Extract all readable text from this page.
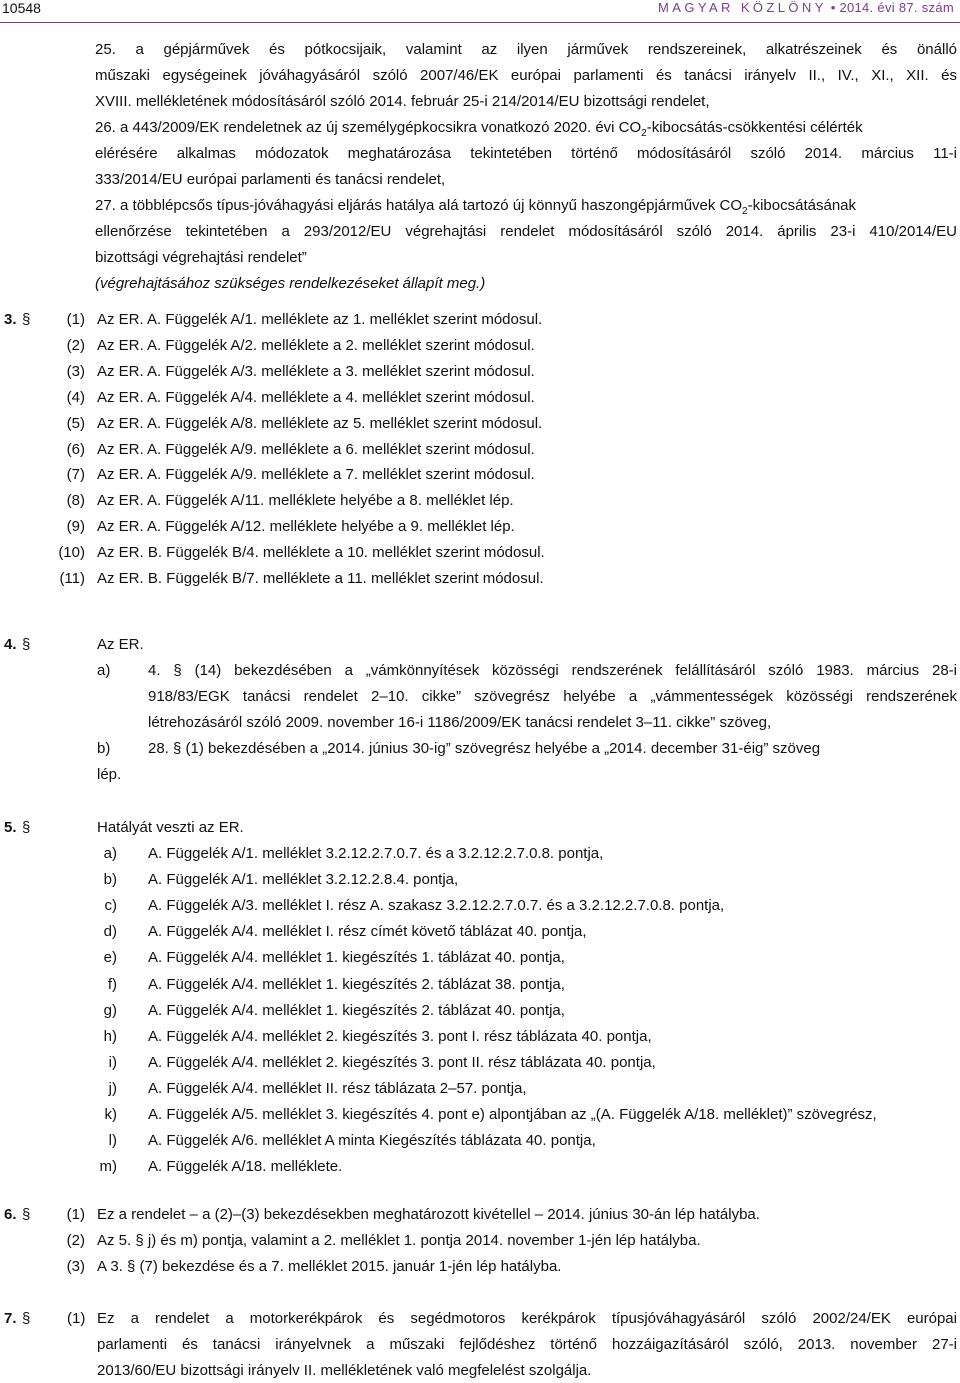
10548	MAGYAR KÖZLÖNY • 2014. évi 87. szám
25. a gépjárművek és pótkocsijaik, valamint az ilyen járművek rendszereinek, alkatrészeinek és önálló
műszaki egységeinek jóváhagyásáról szóló 2007/46/EK európai parlamenti és tanácsi irányelv II., IV., XI., XII. és
XVIII. mellékletének módosításáról szóló 2014. február 25-i 214/2014/EU bizottsági rendelet,
26. a 443/2009/EK rendeletnek az új személygépkocsikra vonatkozó 2020. évi $CO_2-kibocsátás$-csökkentési célérték
elérésére alkalmas módozatok meghatározása tekintetében történő módosításáról szóló 2014. március 11-i
333/2014/EU európai parlamenti és tanácsi rendelet,
27. a többlépcsős típus-jóváhagyási eljárás hatálya alá tartozó új könnyű haszongépjárművek $CO_2$-kibocsátásának
ellenőrzése tekintetében a 293/2012/EU végrehajtási rendelet módosításáról szóló 2014. április 23-i 410/2014/EU
bizottsági végrehajtási rendelet”
(végrehajtásához szükséges rendelkezéseket állapít meg.)
3. § (1) Az ER. A. Függelék A/1. melléklete az 1. melléklet szerint módosul.
(2) Az ER. A. Függelék A/2. melléklete a 2. melléklet szerint módosul.
(3) Az ER. A. Függelék A/3. melléklete a 3. melléklet szerint módosul.
(4) Az ER. A. Függelék A/4. melléklete a 4. melléklet szerint módosul.
(5) Az ER. A. Függelék A/8. melléklete az 5. melléklet szerint módosul.
(6) Az ER. A. Függelék A/9. melléklete a 6. melléklet szerint módosul.
(7) Az ER. A. Függelék A/9. melléklete a 7. melléklet szerint módosul.
(8) Az ER. A. Függelék A/11. melléklete helyébe a 8. melléklet lép.
(9) Az ER. A. Függelék A/12. melléklete helyébe a 9. melléklet lép.
(10) Az ER. B. Függelék B/4. melléklete a 10. melléklet szerint módosul.
(11) Az ER. B. Függelék B/7. melléklete a 11. melléklet szerint módosul.
4. §	Az ER.
a)	4. § (14) bekezdésében a „vámkönnyítések közösségi rendszerének felállításáról szóló 1983. március 28-i
918/83/EGK tanácsi rendelet 2–10. cikke” szövegrész helyébe a „vámmentességek közösségi rendszerének
létrehozásáról szóló 2009. november 16-i 1186/2009/EK tanácsi rendelet 3–11. cikke” szöveg,
b)	28. § (1) bekezdésében a „2014. június 30-ig” szövegrész helyébe a „2014. december 31-éig” szöveg
lép.
5. §	Hatályát veszti az ER.
a) A. Függelék A/1. melléklet 3.2.12.2.7.0.7. és a 3.2.12.2.7.0.8. pontja,
b) A. Függelék A/1. melléklet 3.2.12.2.8.4. pontja,
c) A. Függelék A/3. melléklet I. rész A. szakasz 3.2.12.2.7.0.7. és a 3.2.12.2.7.0.8. pontja,
d) A. Függelék A/4. melléklet I. rész címét követő táblázat 40. pontja,
e) A. Függelék A/4. melléklet 1. kiegészítés 1. táblázat 40. pontja,
f) A. Függelék A/4. melléklet 1. kiegészítés 2. táblázat 38. pontja,
g) A. Függelék A/4. melléklet 1. kiegészítés 2. táblázat 40. pontja,
h) A. Függelék A/4. melléklet 2. kiegészítés 3. pont I. rész táblázata 40. pontja,
i) A. Függelék A/4. melléklet 2. kiegészítés 3. pont II. rész táblázata 40. pontja,
j) A. Függelék A/4. melléklet II. rész táblázata 2–57. pontja,
k) A. Függelék A/5. melléklet 3. kiegészítés 4. pont e) alpontjában az „(A. Függelék A/18. melléklet)” szövegrész,
l) A. Függelék A/6. melléklet A minta Kiegészítés táblázata 40. pontja,
m) A. Függelék A/18. melléklete.
6. § (1) Ez a rendelet – a (2)–(3) bekezdésekben meghatározott kivétellel – 2014. június 30-án lép hatályba.
(2) Az 5. § j) és m) pontja, valamint a 2. melléklet 1. pontja 2014. november 1-jén lép hatályba.
(3) A 3. § (7) bekezdése és a 7. melléklet 2015. január 1-jén lép hatályba.
7. § (1) Ez a rendelet a motorkerékpárok és segédmotoros kerékpárok típusjóváhagyásáról szóló 2002/24/EK európai
parlamenti és tanácsi irányelvnek a műszaki fejlődéshez történő hozzáigazításáról szóló, 2013. november 27-i
2013/60/EU bizottsági irányelv II. mellékletének való megfelelést szolgálja.
